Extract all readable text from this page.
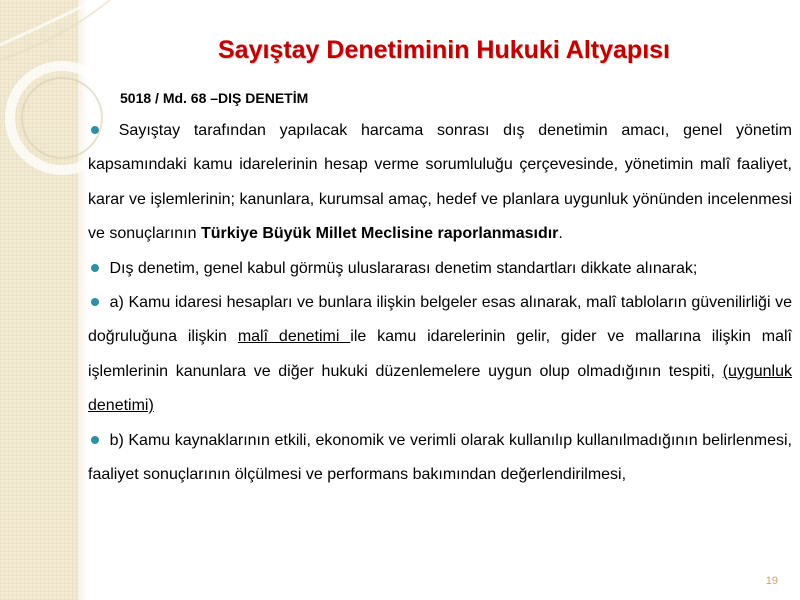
Sayıştay Denetiminin Hukuki Altyapısı
5018 / Md. 68 –DIŞ DENETİM

Sayıştay tarafından yapılacak harcama sonrası dış denetimin amacı, genel yönetim kapsamındaki kamu idarelerinin hesap verme sorumluluğu çerçevesinde, yönetimin malî faaliyet, karar ve işlemlerinin; kanunlara, kurumsal amaç, hedef ve planlara uygunluk yönünden incelenmesi ve sonuçlarının Türkiye Büyük Millet Meclisine raporlanmasıdır.

Dış denetim, genel kabul görmüş uluslararası denetim standartları dikkate alınarak;

a) Kamu idaresi hesapları ve bunlara ilişkin belgeler esas alınarak, malî tabloların güvenilirliği ve doğruluğuna ilişkin malî denetimi ile kamu idarelerinin gelir, gider ve mallarına ilişkin malî işlemlerinin kanunlara ve diğer hukuki düzenlemelere uygun olup olmadığının tespiti, (uygunluk denetimi)

b) Kamu kaynaklarının etkili, ekonomik ve verimli olarak kullanılıp kullanılmadığının belirlenmesi, faaliyet sonuçlarının ölçülmesi ve performans bakımından değerlendirilmesi,

19
